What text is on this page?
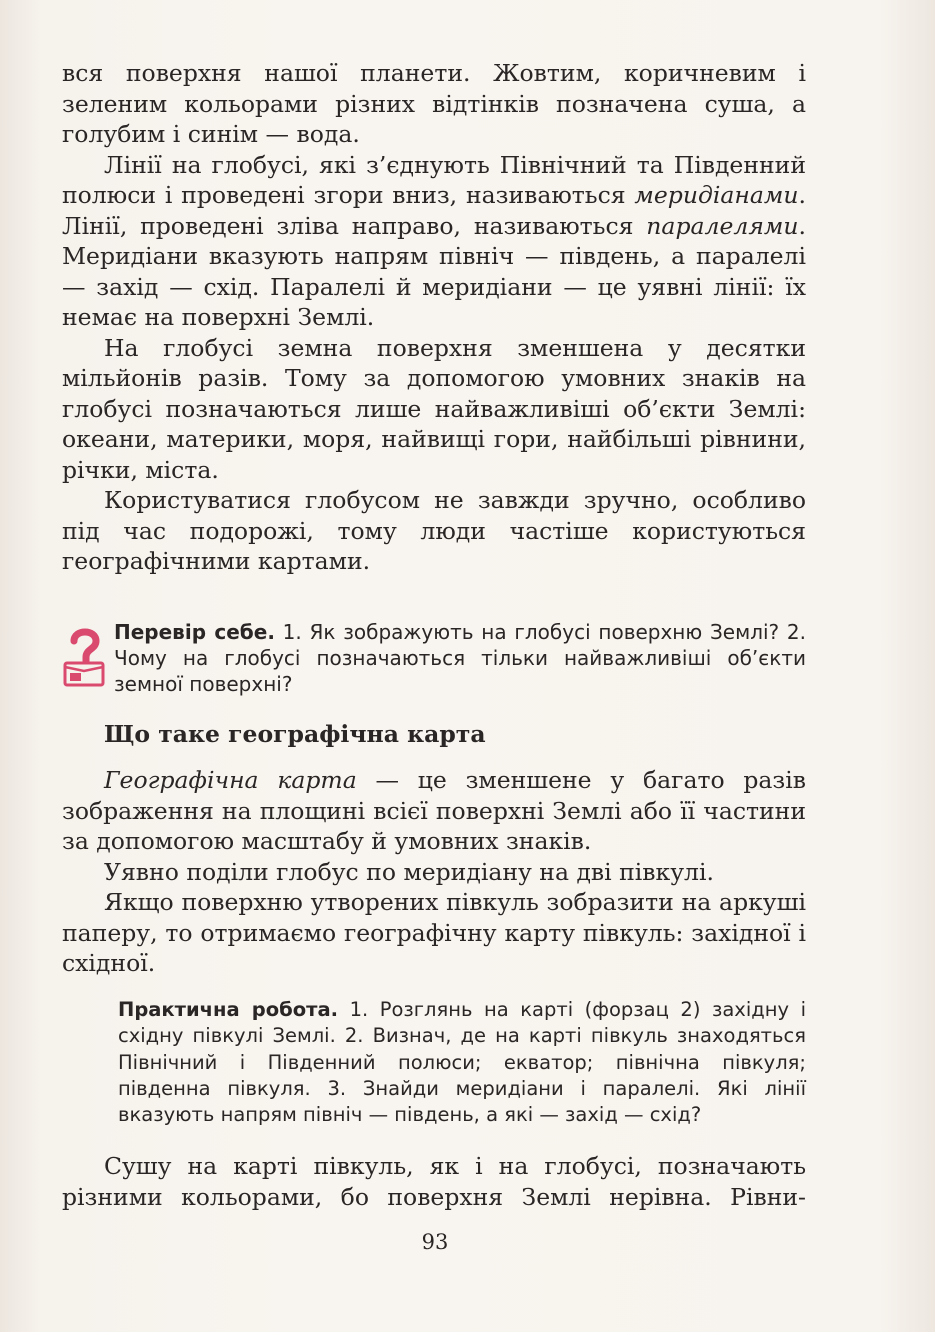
вся поверхня нашої планети. Жовтим, коричневим і зеленим кольорами різних відтінків позначена суша, а голубим і синім — вода.

Лінії на глобусі, які з’єднують Північний та Південний полюси і проведені згори вниз, називаються меридіанами. Лінії, проведені зліва направо, називаються паралелями. Меридіани вказують напрям північ — південь, а паралелі — захід — схід. Паралелі й меридіани — це уявні лінії: їх немає на поверхні Землі.

На глобусі земна поверхня зменшена у десятки мільйонів разів. Тому за допомогою умовних знаків на глобусі позначаються лише найважливіші об’єкти Землі: океани, материки, моря, найвищі гори, найбільші рівнини, річки, міста.

Користуватися глобусом не завжди зручно, особливо під час подорожі, тому люди частіше користуються географічними картами.

Перевір себе. 1. Як зображують на глобусі поверхню Землі? 2. Чому на глобусі позначаються тільки найважливіші об’єкти земної поверхні?
Що таке географічна карта

Географічна карта — це зменшене у багато разів зображення на площині всієї поверхні Землі або її частини за допомогою масштабу й умовних знаків.

Уявно поділи глобус по меридіану на дві півкулі.

Якщо поверхню утворених півкуль зобразити на аркуші паперу, то отримаємо географічну карту півкуль: західної і східної.

Практична робота. 1. Розглянь на карті (форзац 2) західну і східну півкулі Землі. 2. Визнач, де на карті півкуль знаходяться Північний і Південний полюси; екватор; північна півкуля; південна півкуля. 3. Знайди меридіани і паралелі. Які лінії вказують напрям північ — південь, а які — захід — схід?

Сушу на карті півкуль, як і на глобусі, позначають різними кольорами, бо поверхня Землі нерівна. Рівни-

93
